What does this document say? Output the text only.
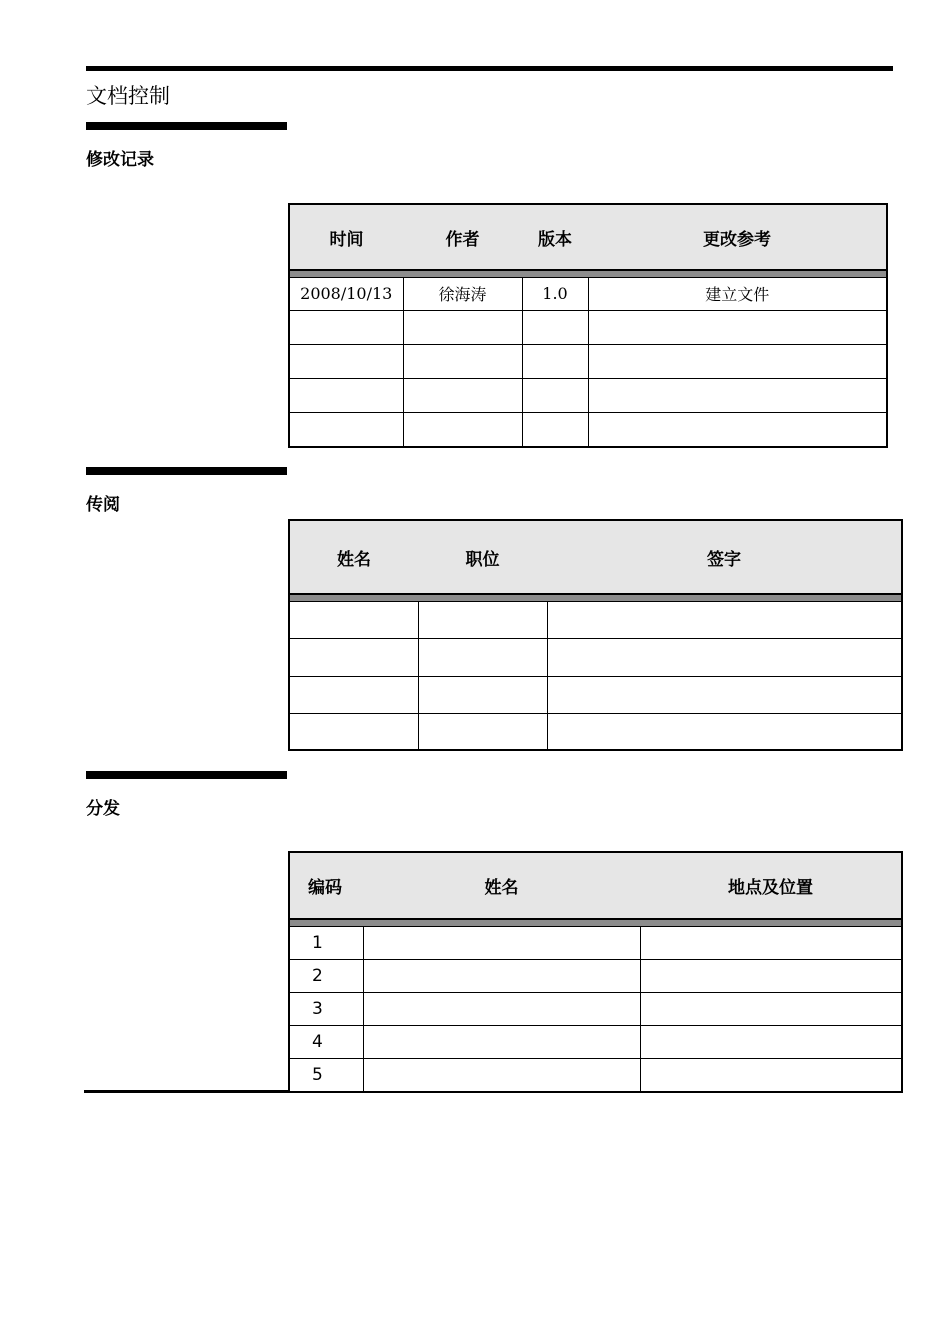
文档控制
修改记录
时间	作者	版本	更改参考

2008/10/13	徐海涛	1.0	建立文件

传阅
姓名	职位	签字

分发
编码	姓名	地点及位置

1		
2		
3		
4		
5		
